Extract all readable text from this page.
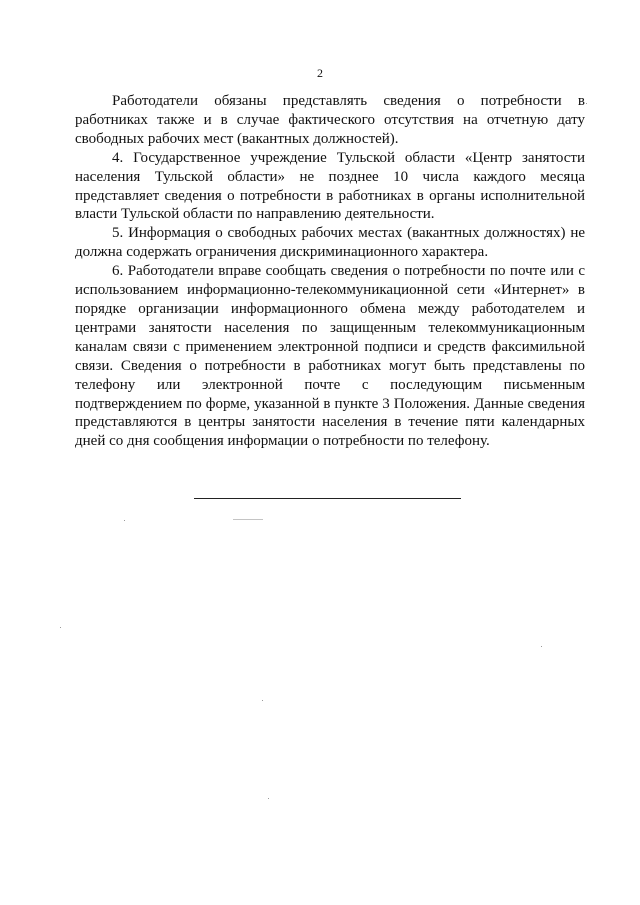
2

Работодатели обязаны представлять сведения о потребности в работниках также и в случае фактического отсутствия на отчетную дату свободных рабочих мест (вакантных должностей).

4. Государственное учреждение Тульской области «Центр занятости населения Тульской области» не позднее 10 числа каждого месяца представляет сведения о потребности в работниках в органы исполнительной власти Тульской области по направлению деятельности.

5. Информация о свободных рабочих местах (вакантных должностях) не должна содержать ограничения дискриминационного характера.

6. Работодатели вправе сообщать сведения о потребности по почте или с использованием информационно-телекоммуникационной сети «Интернет» в порядке организации информационного обмена между работодателем и центрами занятости населения по защищенным телекоммуникационным каналам связи с применением электронной подписи и средств факсимильной связи. Сведения о потребности в работниках могут быть представлены по телефону или электронной почте с последующим письменным подтверждением по форме, указанной в пункте 3 Положения. Данные сведения представляются в центры занятости населения в течение пяти календарных дней со дня сообщения информации о потребности по телефону.
